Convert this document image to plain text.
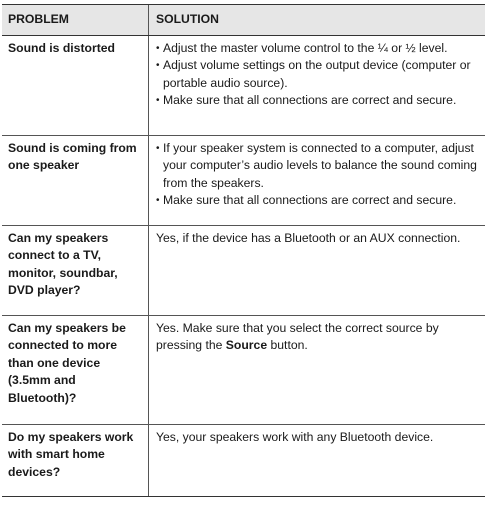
PROBLEM	SOLUTION
Sound is distorted	• Adjust the master volume control to the ¼ or ½ level.
• Adjust volume settings on the output device (computer or portable audio source).
• Make sure that all connections are correct and secure.
Sound is coming from one speaker
• If your speaker system is connected to a computer, adjust your computer’s audio levels to balance the sound coming from the speakers.
• Make sure that all connections are correct and secure.
Can my speakers connect to a TV, monitor, soundbar, DVD player?
Yes, if the device has a Bluetooth or an AUX connection.
Can my speakers be connected to more than one device (3.5mm and Bluetooth)?
Yes. Make sure that you select the correct source by pressing the Source button.
Do my speakers work with smart home devices?
Yes, your speakers work with any Bluetooth device.
